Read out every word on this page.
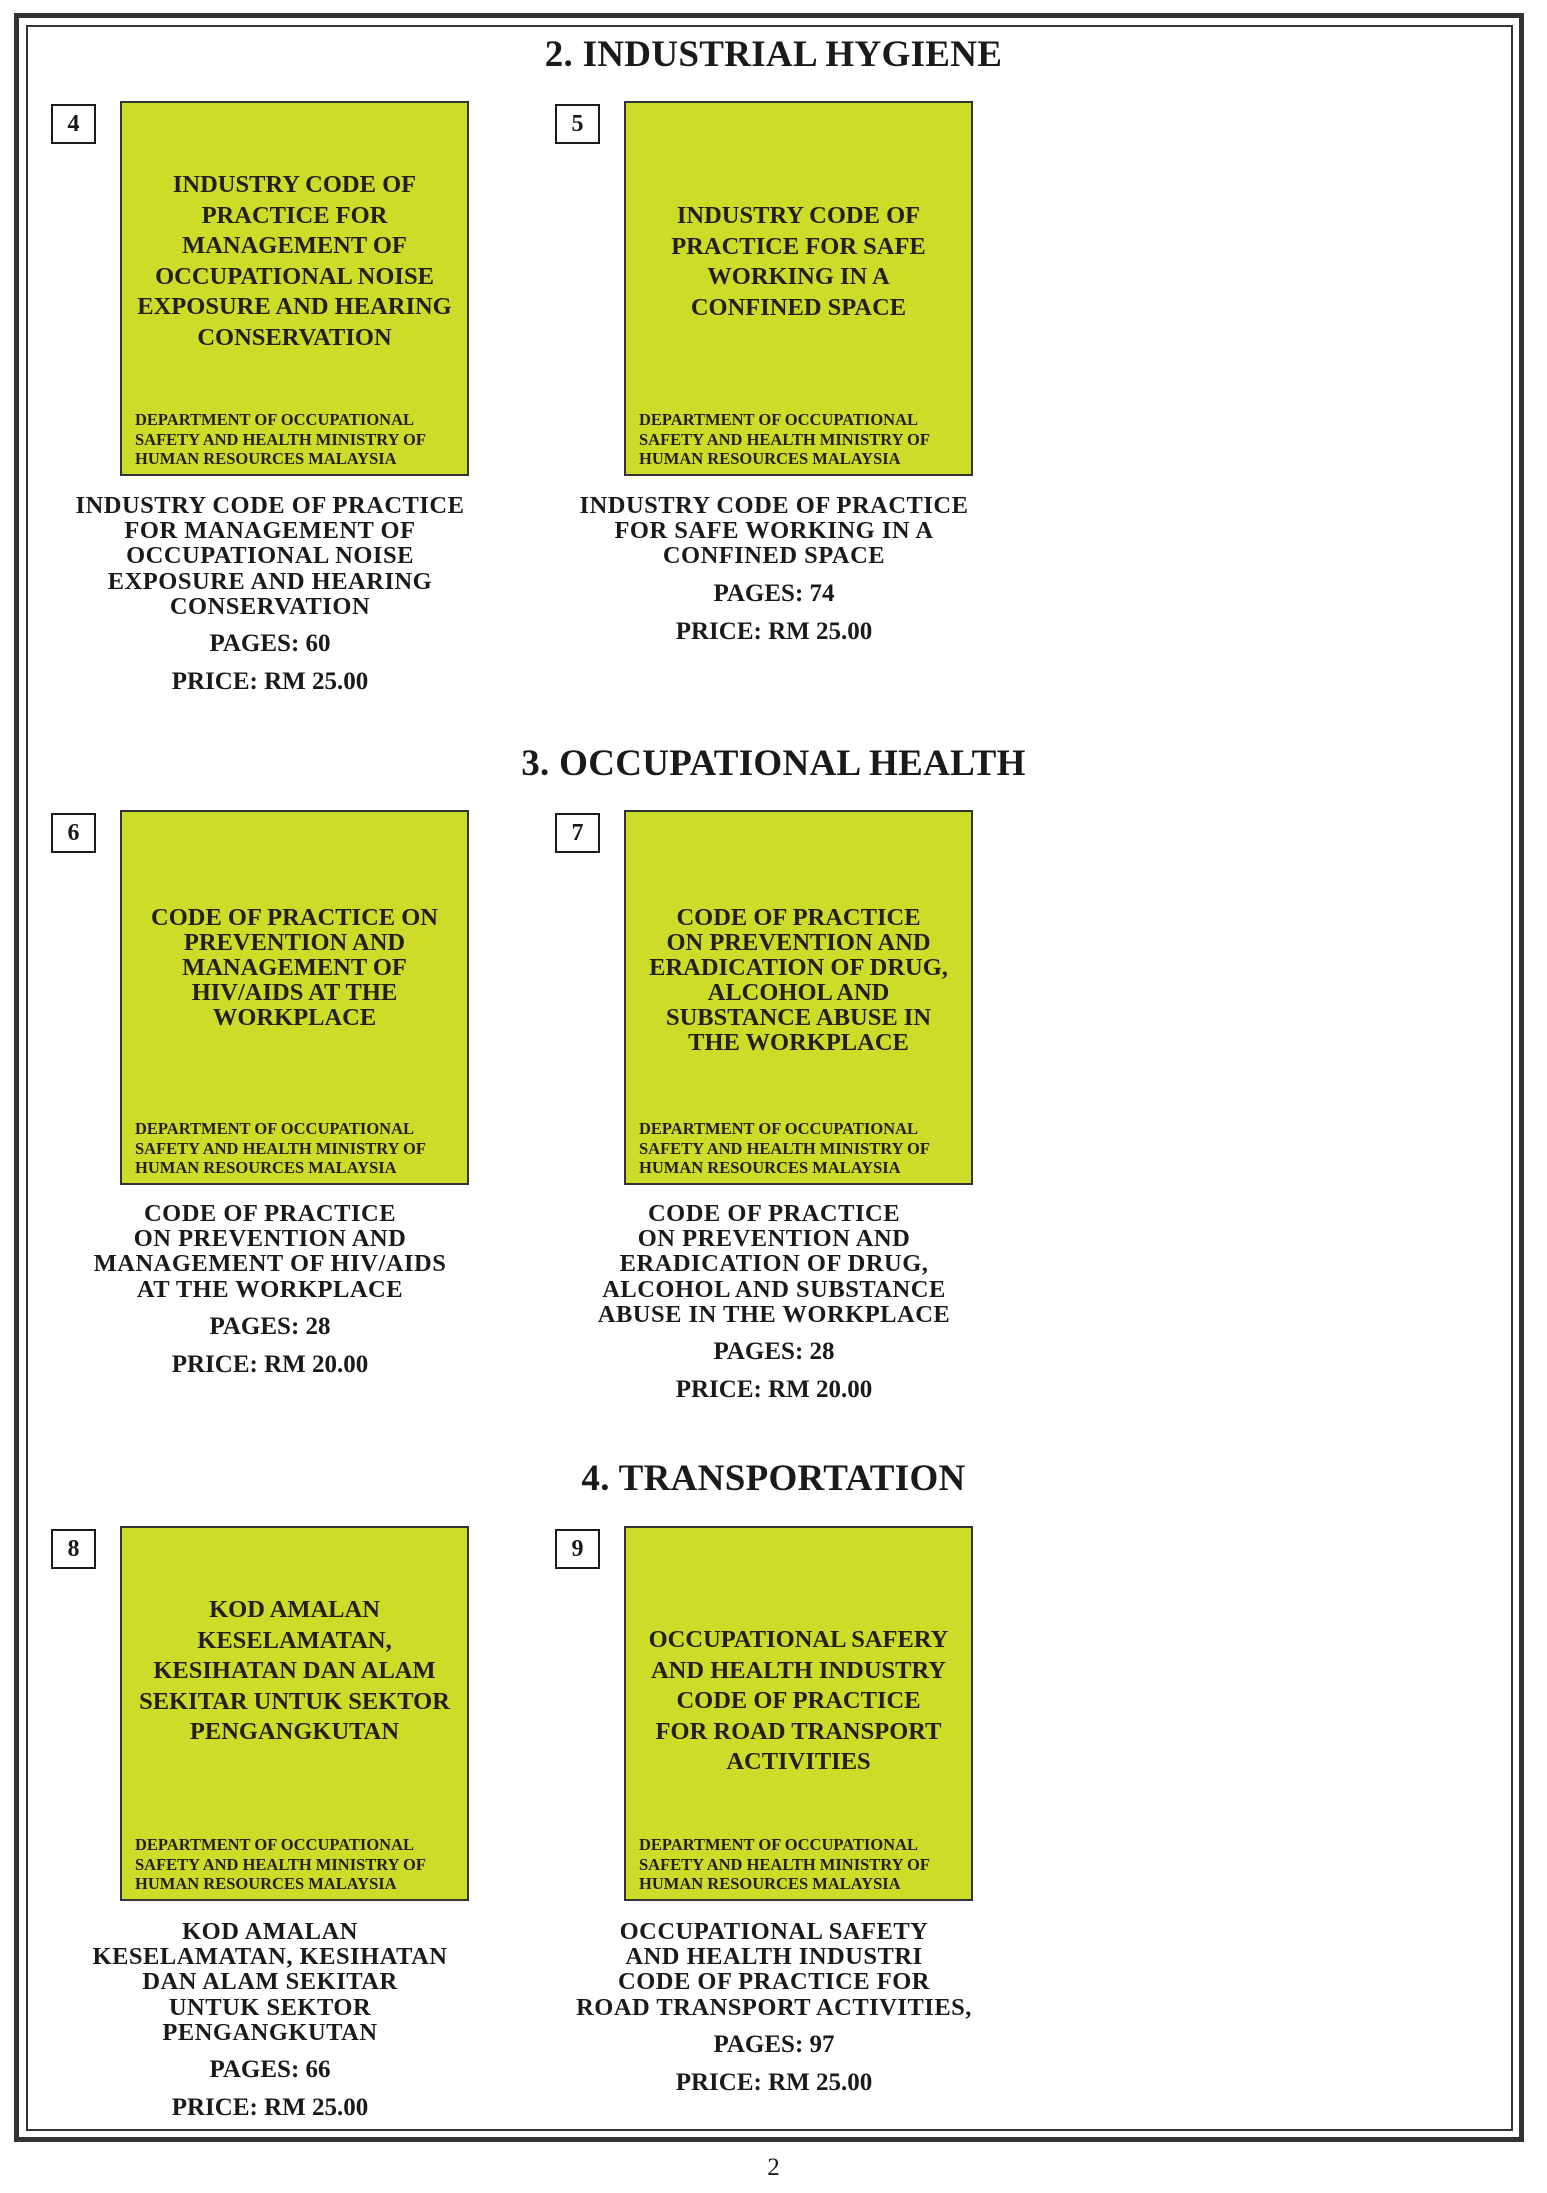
2. INDUSTRIAL HYGIENE
3. OCCUPATIONAL HEALTH
4. TRANSPORTATION
4
INDUSTRY CODE OF
PRACTICE FOR
MANAGEMENT OF
OCCUPATIONAL NOISE
EXPOSURE AND HEARING
CONSERVATION
DEPARTMENT OF OCCUPATIONAL
SAFETY AND HEALTH MINISTRY OF
HUMAN RESOURCES MALAYSIA
INDUSTRY CODE OF PRACTICE
FOR MANAGEMENT OF
OCCUPATIONAL NOISE
EXPOSURE AND HEARING
CONSERVATION
PAGES: 60
PRICE: RM 25.00
5
INDUSTRY CODE OF
PRACTICE FOR SAFE
WORKING IN A
CONFINED SPACE
DEPARTMENT OF OCCUPATIONAL
SAFETY AND HEALTH MINISTRY OF
HUMAN RESOURCES MALAYSIA
INDUSTRY CODE OF PRACTICE
FOR SAFE WORKING IN A
CONFINED SPACE
PAGES: 74
PRICE: RM 25.00
6
CODE OF PRACTICE ON
PREVENTION AND
MANAGEMENT OF
HIV/AIDS AT THE
WORKPLACE
DEPARTMENT OF OCCUPATIONAL
SAFETY AND HEALTH MINISTRY OF
HUMAN RESOURCES MALAYSIA
CODE OF PRACTICE
ON PREVENTION AND
MANAGEMENT OF HIV/AIDS
AT THE WORKPLACE
PAGES: 28
PRICE: RM 20.00
7
CODE OF PRACTICE
ON PREVENTION AND
ERADICATION OF DRUG,
ALCOHOL AND
SUBSTANCE ABUSE IN
THE WORKPLACE
DEPARTMENT OF OCCUPATIONAL
SAFETY AND HEALTH MINISTRY OF
HUMAN RESOURCES MALAYSIA
CODE OF PRACTICE
ON PREVENTION AND
ERADICATION OF DRUG,
ALCOHOL AND SUBSTANCE
ABUSE IN THE WORKPLACE
PAGES: 28
PRICE: RM 20.00
8
KOD AMALAN
KESELAMATAN,
KESIHATAN DAN ALAM
SEKITAR UNTUK SEKTOR
PENGANGKUTAN
DEPARTMENT OF OCCUPATIONAL
SAFETY AND HEALTH MINISTRY OF
HUMAN RESOURCES MALAYSIA
KOD AMALAN
KESELAMATAN, KESIHATAN
DAN ALAM SEKITAR
UNTUK SEKTOR
PENGANGKUTAN
PAGES: 66
PRICE: RM 25.00
9
OCCUPATIONAL SAFERY
AND HEALTH INDUSTRY
CODE OF PRACTICE
FOR ROAD TRANSPORT
ACTIVITIES
DEPARTMENT OF OCCUPATIONAL
SAFETY AND HEALTH MINISTRY OF
HUMAN RESOURCES MALAYSIA
OCCUPATIONAL SAFETY
AND HEALTH INDUSTRI
CODE OF PRACTICE FOR
ROAD TRANSPORT ACTIVITIES,
PAGES: 97
PRICE: RM 25.00
2
